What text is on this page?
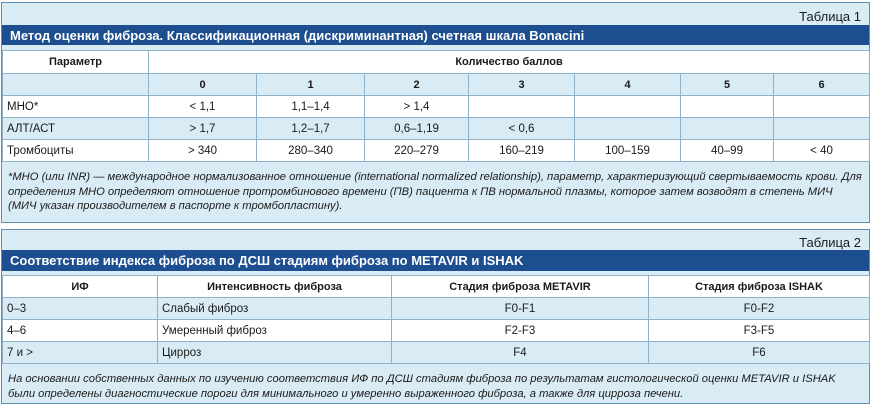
Таблица 1
Метод оценки фиброза. Классификационная (дискриминантная) счетная шкала Bonacini
Параметр	Количество баллов						
	0	1	2	3	4	5	6
МНО*	< 1,1	1,1–1,4	> 1,4				
АЛТ/АСТ	> 1,7	1,2–1,7	0,6–1,19	< 0,6			
Тромбоциты	> 340	280–340	220–279	160–219	100–159	40–99	< 40
*МНО (или INR) — международное нормализованное отношение (international normalized relationship), параметр, характеризующий свертываемость крови. Для определения МНО определяют отношение протромбинового времени (ПВ) пациента к ПВ нормальной плазмы, которое затем возводят в степень МИЧ (МИЧ указан производителем в паспорте к тромбопластину).
Таблица 2
Соответствие индекса фиброза по ДСШ стадиям фиброза по METAVIR и ISHAK
ИФ	Интенсивность фиброза	Стадия фиброза METAVIR	Стадия фиброза ISHAK
0–3	Слабый фиброз	F0-F1	F0-F2
4–6	Умеренный фиброз	F2-F3	F3-F5
7 и >	Цирроз	F4	F6
На основании собственных данных по изучению соответствия ИФ по ДСШ стадиям фиброза по результатам гистологической оценки METAVIR и ISHAK были определены диагностические пороги для минимального и умеренно выраженного фиброза, а также для цирроза печени.
